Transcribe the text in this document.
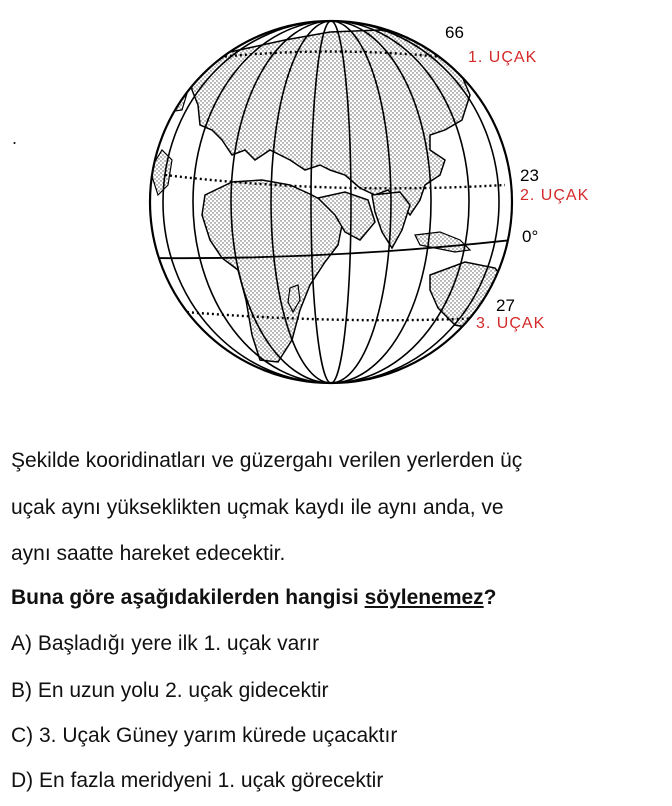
.
66
1. UÇAK
23
2. UÇAK
0°
27
3. UÇAK
Şekilde kooridinatları ve güzergahı verilen yerlerden üç
uçak aynı yükseklikten uçmak kaydı ile aynı anda, ve
aynı saatte hareket edecektir.
Buna göre aşağıdakilerden hangisi söylenemez?
A) Başladığı yere ilk 1. uçak varır
B) En uzun yolu 2. uçak gidecektir
C) 3. Uçak Güney yarım kürede uçacaktır
D) En fazla meridyeni 1. uçak görecektir
